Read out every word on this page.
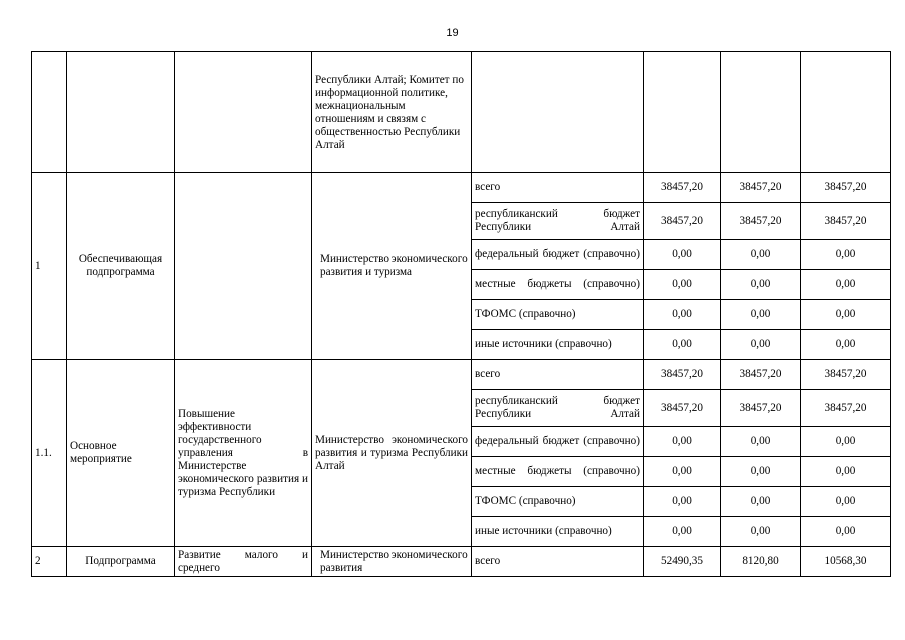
19
			Республики Алтай; Комитет по информационной политике, межнациональным отношениям и связям с общественностью Республики Алтай				
1	Обеспечивающая подпрограмма		Министерство экономического развития и туризма	всего	38457,20	38457,20	38457,20
				республиканский бюджет Республики Алтай	38457,20	38457,20	38457,20
				федеральный бюджет (справочно)	0,00	0,00	0,00
				местные бюджеты (справочно)	0,00	0,00	0,00
				ТФОМС (справочно)	0,00	0,00	0,00
				иные источники (справочно)	0,00	0,00	0,00
1.1.	Основное мероприятие	Повышение эффективности государственного управления в Министерстве экономического развития и туризма Республики	Министерство экономического развития и туризма Республики Алтай	всего	38457,20	38457,20	38457,20
				республиканский бюджет Республики Алтай	38457,20	38457,20	38457,20
				федеральный бюджет (справочно)	0,00	0,00	0,00
				местные бюджеты (справочно)	0,00	0,00	0,00
				ТФОМС (справочно)	0,00	0,00	0,00
				иные источники (справочно)	0,00	0,00	0,00
2	Подпрограмма	Развитие малого и среднего	Министерство экономического развития	всего	52490,35	8120,80	10568,30
